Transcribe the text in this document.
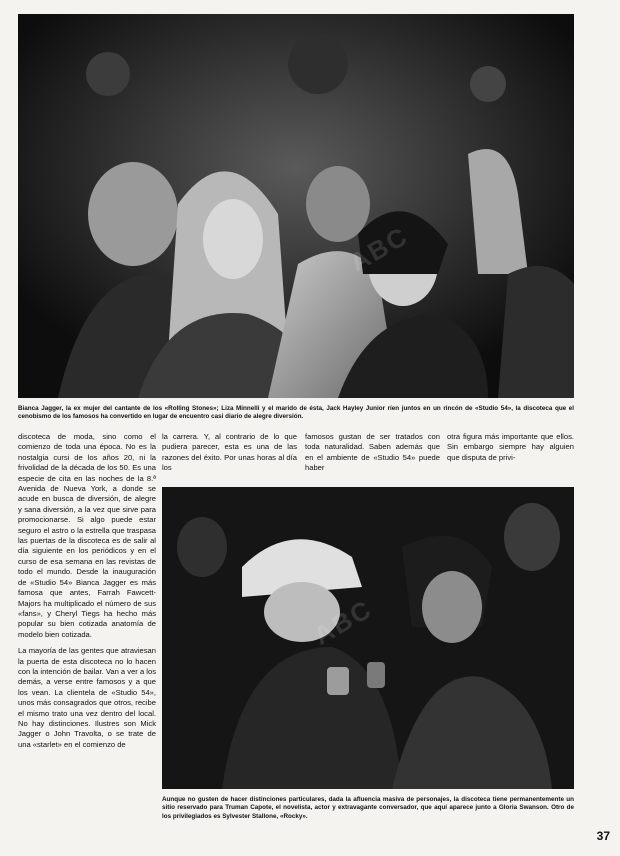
Bianca Jagger, la ex mujer del cantante de los «Rolling Stones»; Liza Minnelli y el marido de ésta, Jack Hayley Junior ríen juntos en un rincón de «Studio 54», la discoteca que el cenobismo de los famosos ha convertido en lugar de encuentro casi diario de alegre diversión.
discoteca de moda, sino como el comienzo de toda una época. No es la nostalgia cursi de los años 20, ni la frivolidad de la década de los 50. Es una especie de cita en las noches de la 8.ª Avenida de Nueva York, a donde se acude en busca de diversión, de alegre y sana diversión, a la vez que sirve para promocionarse. Si algo puede estar seguro el astro o la estrella que traspasa las puertas de la discoteca es de salir al día siguiente en los periódicos y en el curso de esa semana en las revistas de todo el mundo. Desde la inauguración de «Studio 54» Bianca Jagger es más famosa que antes, Farrah Fawcett-Majors ha multiplicado el número de sus «fans», y Cheryl Tiegs ha hecho más popular su bien cotizada anatomía de modelo bien cotizada.
La mayoría de las gentes que atraviesan la puerta de esta discoteca no lo hacen con la intención de bailar. Van a ver a los demás, a verse entre famosos y a que los vean. La clientela de «Studio 54», unos más consagrados que otros, recibe el mismo trato una vez dentro del local. No hay distinciones. Ilustres son Mick Jagger o John Travolta, o se trate de una «starlet» en el comienzo de
la carrera. Y, al contrario de lo que pudiera parecer, esta es una de las razones del éxito. Por unas horas al día los
famosos gustan de ser tratados con toda naturalidad. Saben además que en el ambiente de «Studio 54» puede haber
otra figura más importante que ellos. Sin embargo siempre hay alguien que disputa de privi-
Aunque no gusten de hacer distinciones particulares, dada la afluencia masiva de personajes, la discoteca tiene permanentemente un sitio reservado para Truman Capote, el novelista, actor y extravagante conversador, que aquí aparece junto a Gloria Swanson. Otro de los privilegiados es Sylvester Stallone, «Rocky».
37
